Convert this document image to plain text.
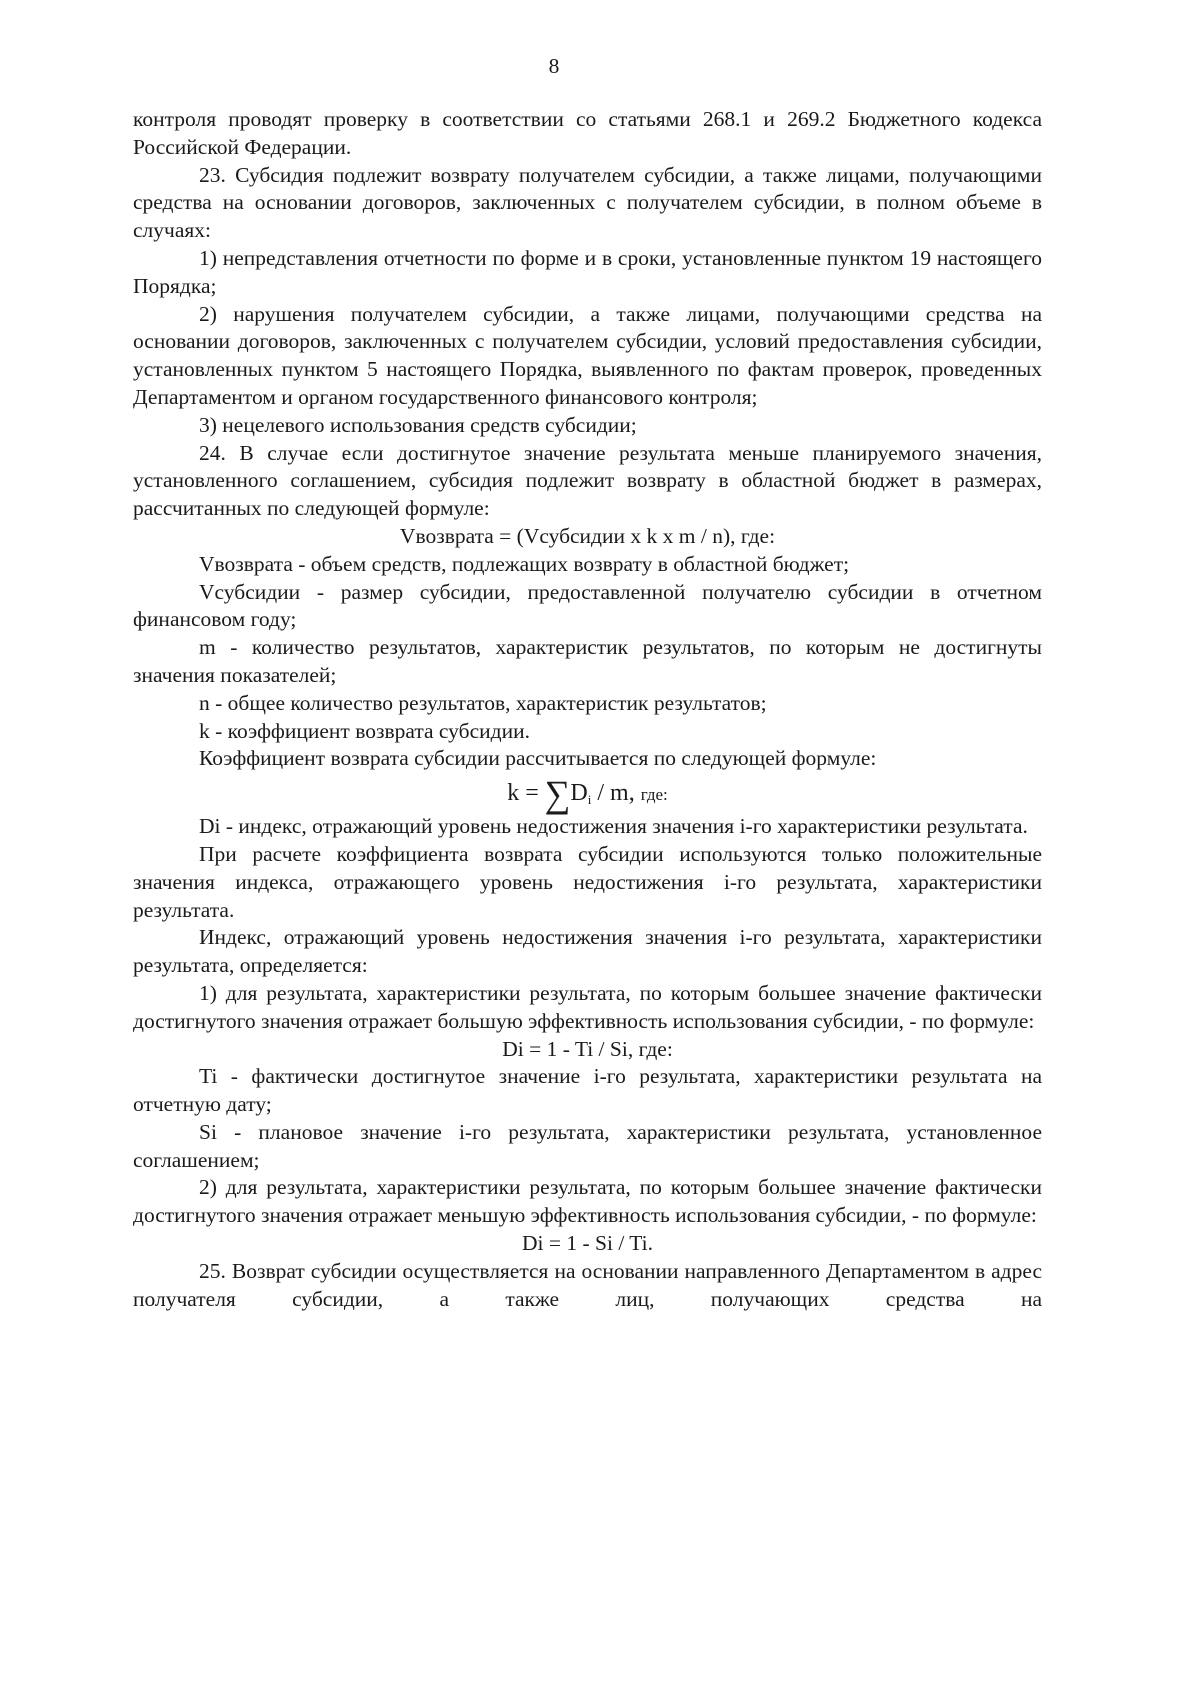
8

контроля проводят проверку в соответствии со статьями 268.1 и 269.2 Бюджетного кодекса Российской Федерации.

23. Субсидия подлежит возврату получателем субсидии, а также лицами, получающими средства на основании договоров, заключенных с получателем субсидии, в полном объеме в случаях:

1) непредставления отчетности по форме и в сроки, установленные пунктом 19 настоящего Порядка;

2) нарушения получателем субсидии, а также лицами, получающими средства на основании договоров, заключенных с получателем субсидии, условий предоставления субсидии, установленных пунктом 5 настоящего Порядка, выявленного по фактам проверок, проведенных Департаментом и органом государственного финансового контроля;

3) нецелевого использования средств субсидии;

24. В случае если достигнутое значение результата меньше планируемого значения, установленного соглашением, субсидия подлежит возврату в областной бюджет в размерах, рассчитанных по следующей формуле:

Vвозврата = (Vсубсидии x k x m / n), где:

Vвозврата - объем средств, подлежащих возврату в областной бюджет;

Vсубсидии - размер субсидии, предоставленной получателю субсидии в отчетном финансовом году;

m - количество результатов, характеристик результатов, по которым не достигнуты значения показателей;

n - общее количество результатов, характеристик результатов;

k - коэффициент возврата субсидии.

Коэффициент возврата субсидии рассчитывается по следующей формуле:

$k = \sum D_i / m$, где:

Di - индекс, отражающий уровень недостижения значения i-го характеристики результата.

При расчете коэффициента возврата субсидии используются только положительные значения индекса, отражающего уровень недостижения i-го результата, характеристики результата.

Индекс, отражающий уровень недостижения значения i-го результата, характеристики результата, определяется:

1) для результата, характеристики результата, по которым большее значение фактически достигнутого значения отражает большую эффективность использования субсидии, - по формуле:

Di = 1 - Ti / Si, где:

Ti - фактически достигнутое значение i-го результата, характеристики результата на отчетную дату;

Si - плановое значение i-го результата, характеристики результата, установленное соглашением;

2) для результата, характеристики результата, по которым большее значение фактически достигнутого значения отражает меньшую эффективность использования субсидии, - по формуле:

Di = 1 - Si / Ti.

25. Возврат субсидии осуществляется на основании направленного Департаментом в адрес получателя субсидии, а также лиц, получающих средства на
